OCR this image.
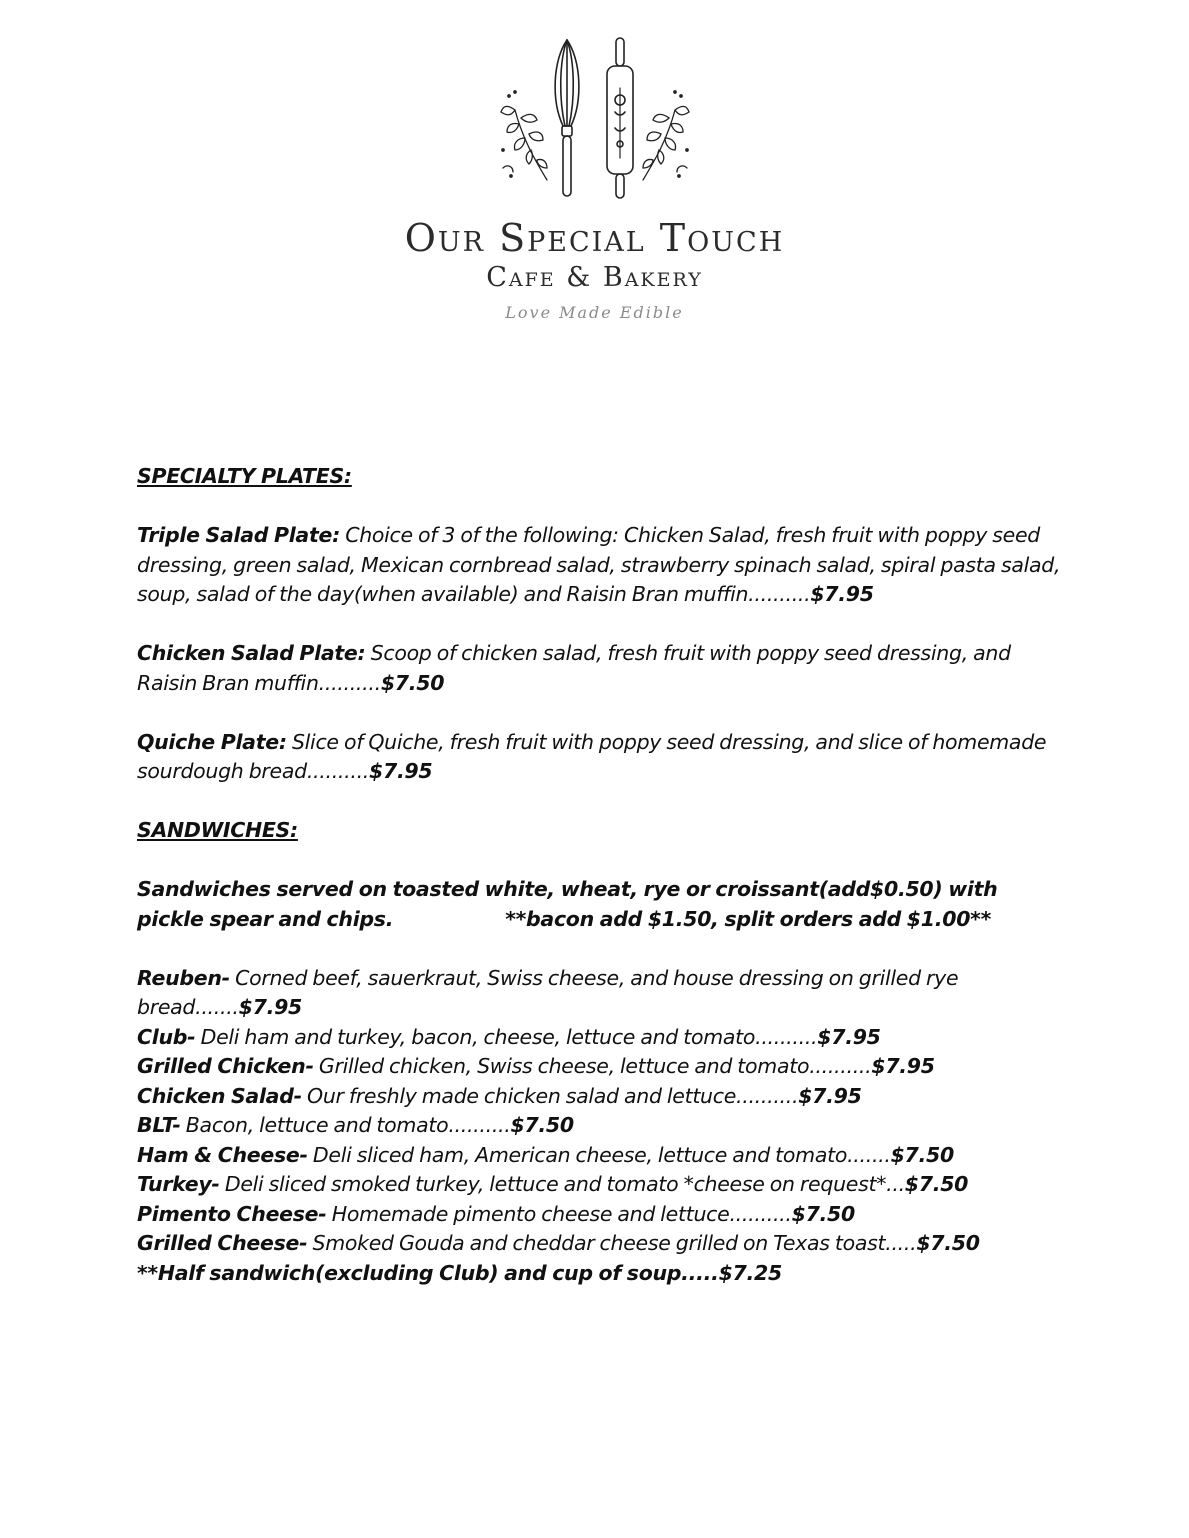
Our Special Touch
Cafe & Bakery
Love Made Edible

SPECIALTY PLATES:

Triple Salad Plate: Choice of 3 of the following: Chicken Salad, fresh fruit with poppy seed dressing, green salad, Mexican cornbread salad, strawberry spinach salad, spiral pasta salad, soup, salad of the day(when available) and Raisin Bran muffin..........$7.95

Chicken Salad Plate: Scoop of chicken salad, fresh fruit with poppy seed dressing, and Raisin Bran muffin..........$7.50

Quiche Plate: Slice of Quiche, fresh fruit with poppy seed dressing, and slice of homemade sourdough bread..........$7.95

SANDWICHES:

Sandwiches served on toasted white, wheat, rye or croissant(add$0.50) with pickle spear and chips.	**bacon add $1.50, split orders add $1.00**

Reuben- Corned beef, sauerkraut, Swiss cheese, and house dressing on grilled rye bread.......$7.95

Club- Deli ham and turkey, bacon, cheese, lettuce and tomato..........$7.95

Grilled Chicken- Grilled chicken, Swiss cheese, lettuce and tomato..........$7.95

Chicken Salad- Our freshly made chicken salad and lettuce..........$7.95

BLT- Bacon, lettuce and tomato..........$7.50

Ham & Cheese- Deli sliced ham, American cheese, lettuce and tomato.......$7.50

Turkey- Deli sliced smoked turkey, lettuce and tomato *cheese on request*...$7.50

Pimento Cheese- Homemade pimento cheese and lettuce..........$7.50

Grilled Cheese- Smoked Gouda and cheddar cheese grilled on Texas toast.....$7.50

**Half sandwich(excluding Club) and cup of soup.....$7.25
